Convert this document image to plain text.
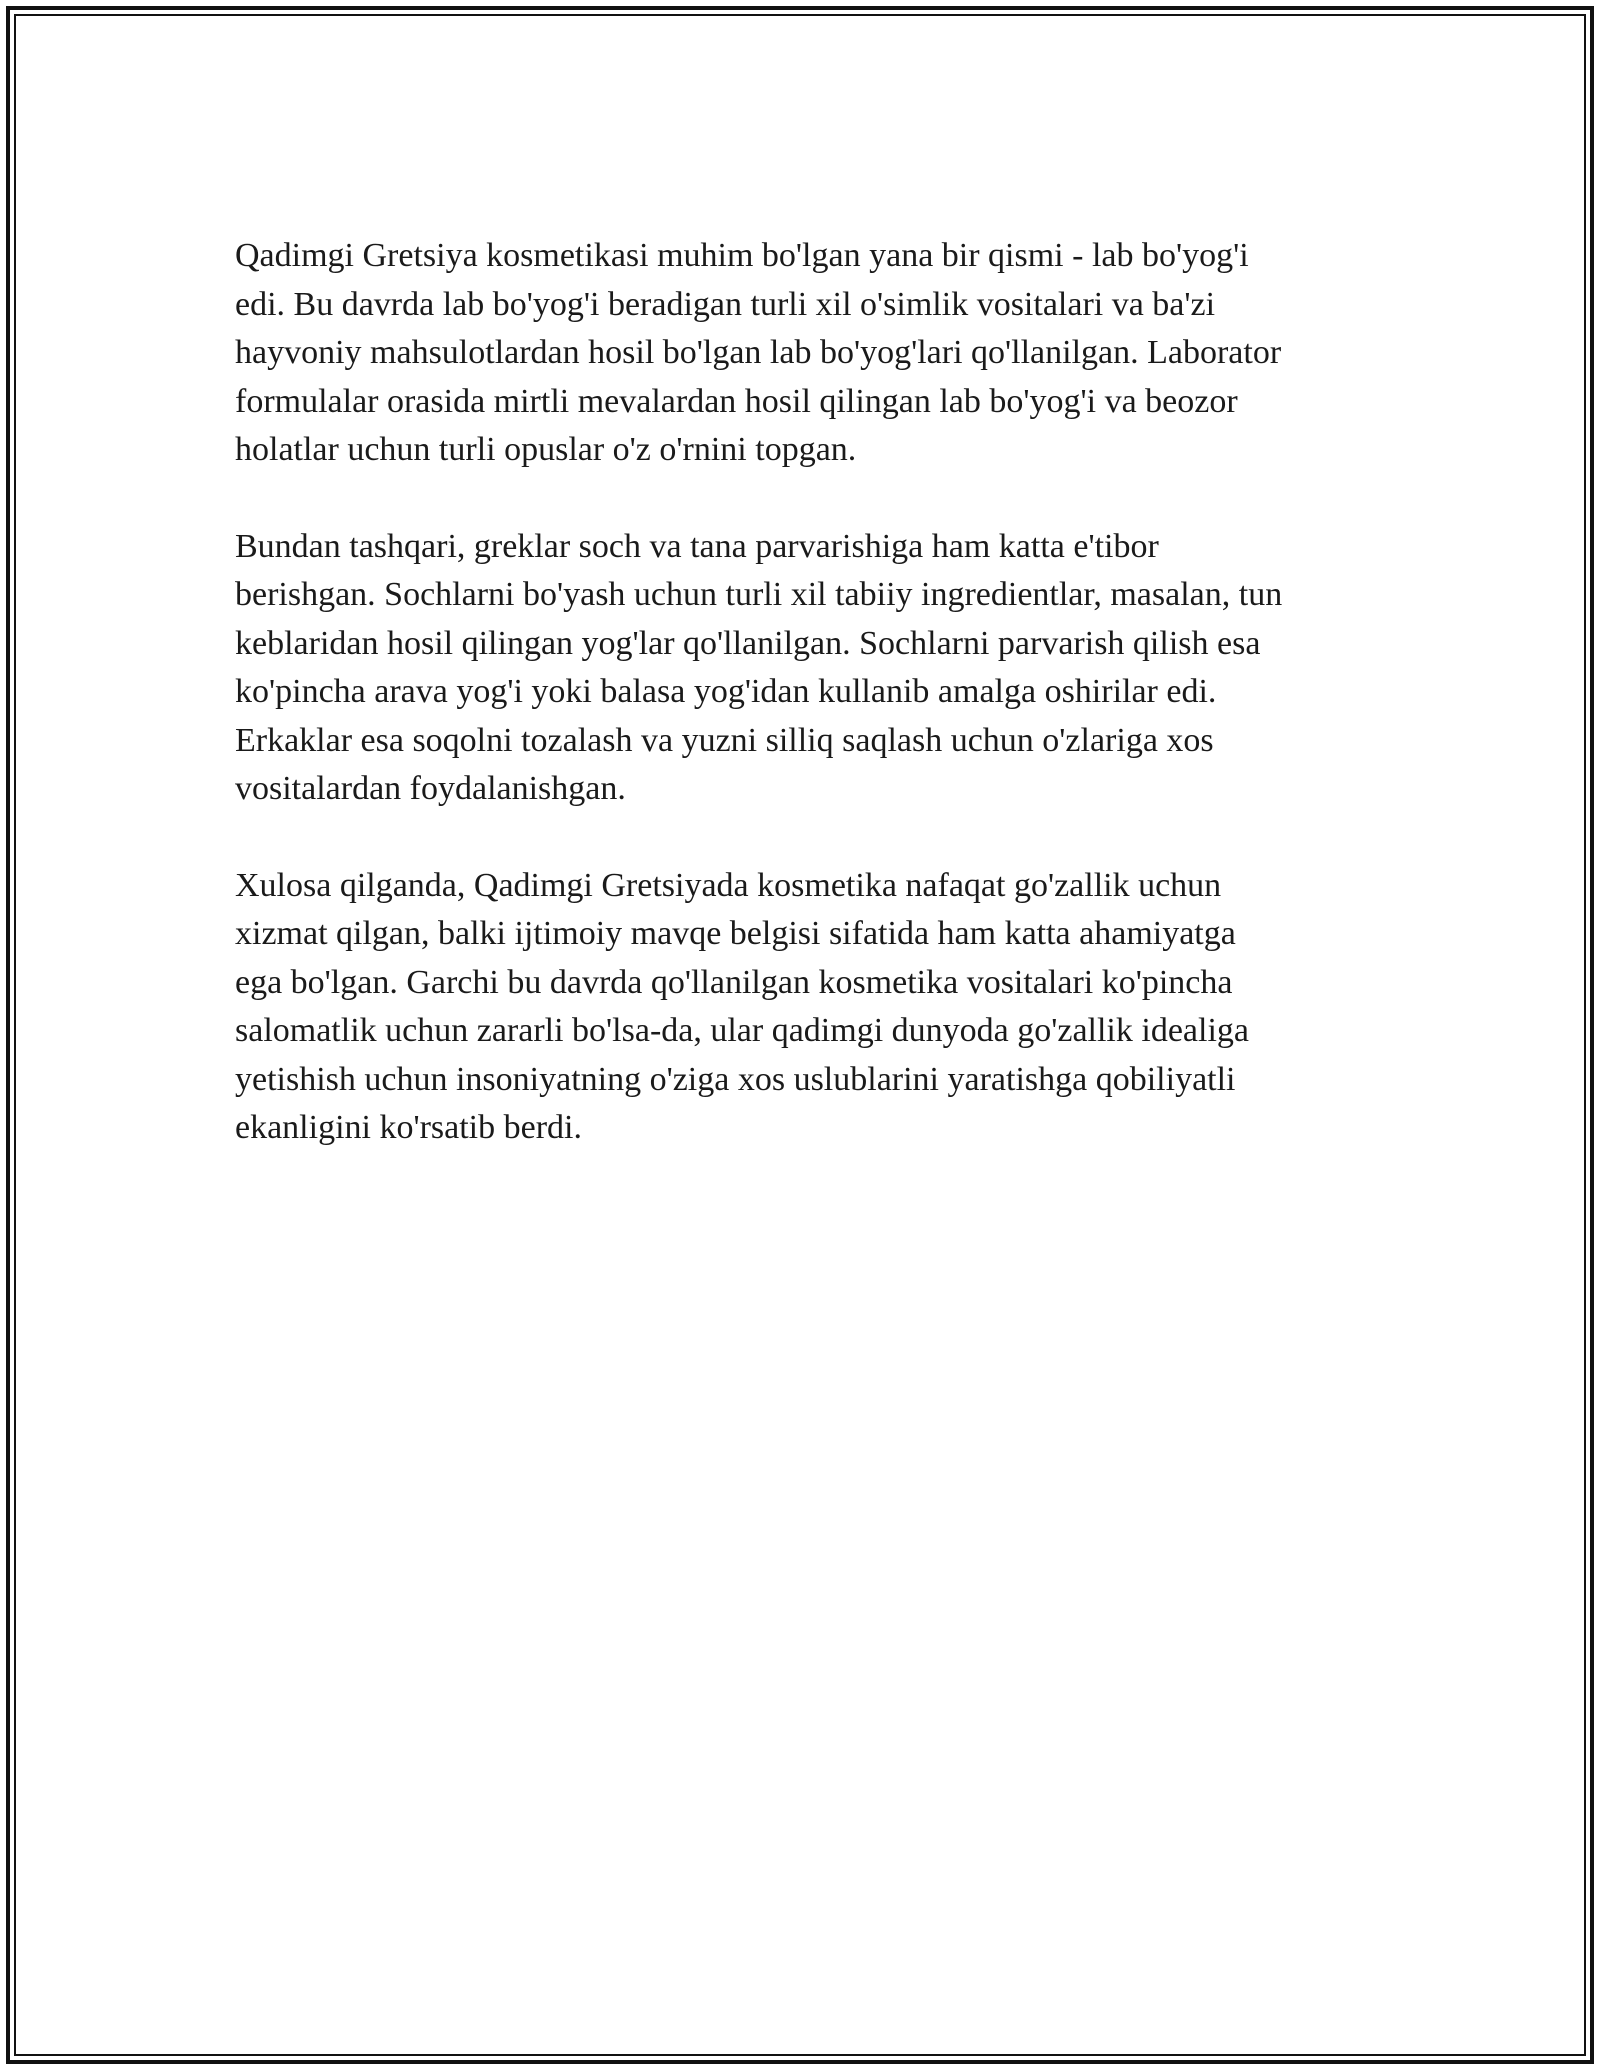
Qadimgi Gretsiya kosmetikasi muhim bo'lgan yana bir qismi - lab bo'yog'i
edi. Bu davrda lab bo'yog'i beradigan turli xil o'simlik vositalari va ba'zi
hayvoniy mahsulotlardan hosil bo'lgan lab bo'yog'lari qo'llanilgan. Laborator
formulalar orasida mirtli mevalardan hosil qilingan lab bo'yog'i va beozor
holatlar uchun turli opuslar o'z o'rnini topgan.

Bundan tashqari, greklar soch va tana parvarishiga ham katta e'tibor
berishgan. Sochlarni bo'yash uchun turli xil tabiiy ingredientlar, masalan, tun
keblaridan hosil qilingan yog'lar qo'llanilgan. Sochlarni parvarish qilish esa
ko'pincha arava yog'i yoki balasa yog'idan kullanib amalga oshirilar edi.
Erkaklar esa soqolni tozalash va yuzni silliq saqlash uchun o'zlariga xos
vositalardan foydalanishgan.

Xulosa qilganda, Qadimgi Gretsiyada kosmetika nafaqat go'zallik uchun
xizmat qilgan, balki ijtimoiy mavqe belgisi sifatida ham katta ahamiyatga
ega bo'lgan. Garchi bu davrda qo'llanilgan kosmetika vositalari ko'pincha
salomatlik uchun zararli bo'lsa-da, ular qadimgi dunyoda go'zallik idealiga
yetishish uchun insoniyatning o'ziga xos uslublarini yaratishga qobiliyatli
ekanligini ko'rsatib berdi.
